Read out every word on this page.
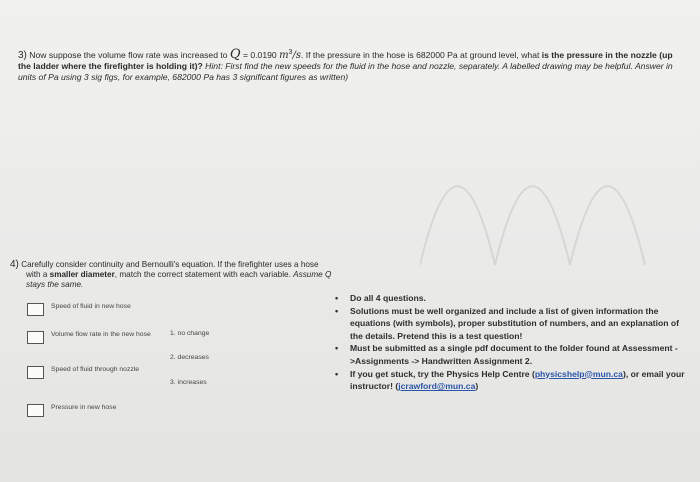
3) Now suppose the volume flow rate was increased to Q = 0.0190 $m^3/s$. If the pressure in the hose is 682000 Pa at ground level, what is the pressure in the nozzle (up the ladder where the firefighter is holding it)? Hint: First find the new speeds for the fluid in the hose and nozzle, separately. A labelled drawing may be helpful. Answer in units of Pa using 3 sig figs, for example, 682000 Pa has 3 significant figures as written)
4) Carefully consider continuity and Bernoulli's equation. If the firefighter uses a hose
with a smaller diameter, match the correct statement with each variable. Assume Q
stays the same.
Speed of fluid in new hose
Volume flow rate in the new hose
Speed of fluid through nozzle
Pressure in new hose
1. no change
2. decreases
3. increases
• Do all 4 questions.
• Solutions must be well organized and include a list of given information the equations (with symbols), proper substitution of numbers, and an explanation of the details. Pretend this is a test question!
• Must be submitted as a single pdf document to the folder found at Assessment ->Assignments -> Handwritten Assignment 2.
• If you get stuck, try the Physics Help Centre (physicshelp@mun.ca), or email your instructor! (jcrawford@mun.ca)
